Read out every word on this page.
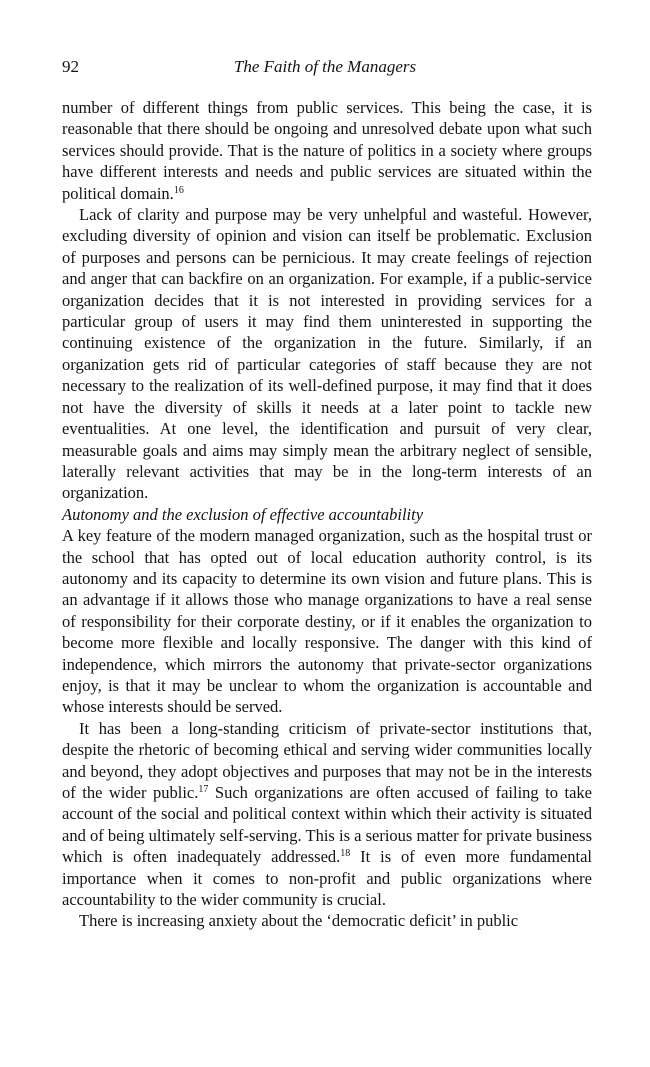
92	The Faith of the Managers

number of different things from public services. This being the case, it is reasonable that there should be ongoing and unresolved debate upon what such services should provide. That is the nature of politics in a society where groups have different interests and needs and public services are situated within the political domain.$^{16}$

Lack of clarity and purpose may be very unhelpful and wasteful. However, excluding diversity of opinion and vision can itself be problematic. Exclusion of purposes and persons can be pernicious. It may create feelings of rejection and anger that can backfire on an organization. For example, if a public-service organization decides that it is not interested in providing services for a particular group of users it may find them uninterested in supporting the continuing existence of the organization in the future. Similarly, if an organization gets rid of particular categories of staff because they are not necessary to the realization of its well-defined purpose, it may find that it does not have the diversity of skills it needs at a later point to tackle new eventualities. At one level, the identification and pursuit of very clear, measurable goals and aims may simply mean the arbitrary neglect of sensible, laterally relevant activities that may be in the long-term interests of an organization.

Autonomy and the exclusion of effective accountability

A key feature of the modern managed organization, such as the hospital trust or the school that has opted out of local education authority control, is its autonomy and its capacity to determine its own vision and future plans. This is an advantage if it allows those who manage organizations to have a real sense of responsibility for their corporate destiny, or if it enables the organization to become more flexible and locally responsive. The danger with this kind of independence, which mirrors the autonomy that private-sector organizations enjoy, is that it may be unclear to whom the organization is accountable and whose interests should be served.

It has been a long-standing criticism of private-sector institutions that, despite the rhetoric of becoming ethical and serving wider communities locally and beyond, they adopt objectives and purposes that may not be in the interests of the wider public.$^{17}$ Such organizations are often accused of failing to take account of the social and political context within which their activity is situated and of being ultimately self-serving. This is a serious matter for private business which is often inadequately addressed.$^{18}$ It is of even more fundamental importance when it comes to non-profit and public organizations where accountability to the wider community is crucial.

There is increasing anxiety about the ‘democratic deficit’ in public
